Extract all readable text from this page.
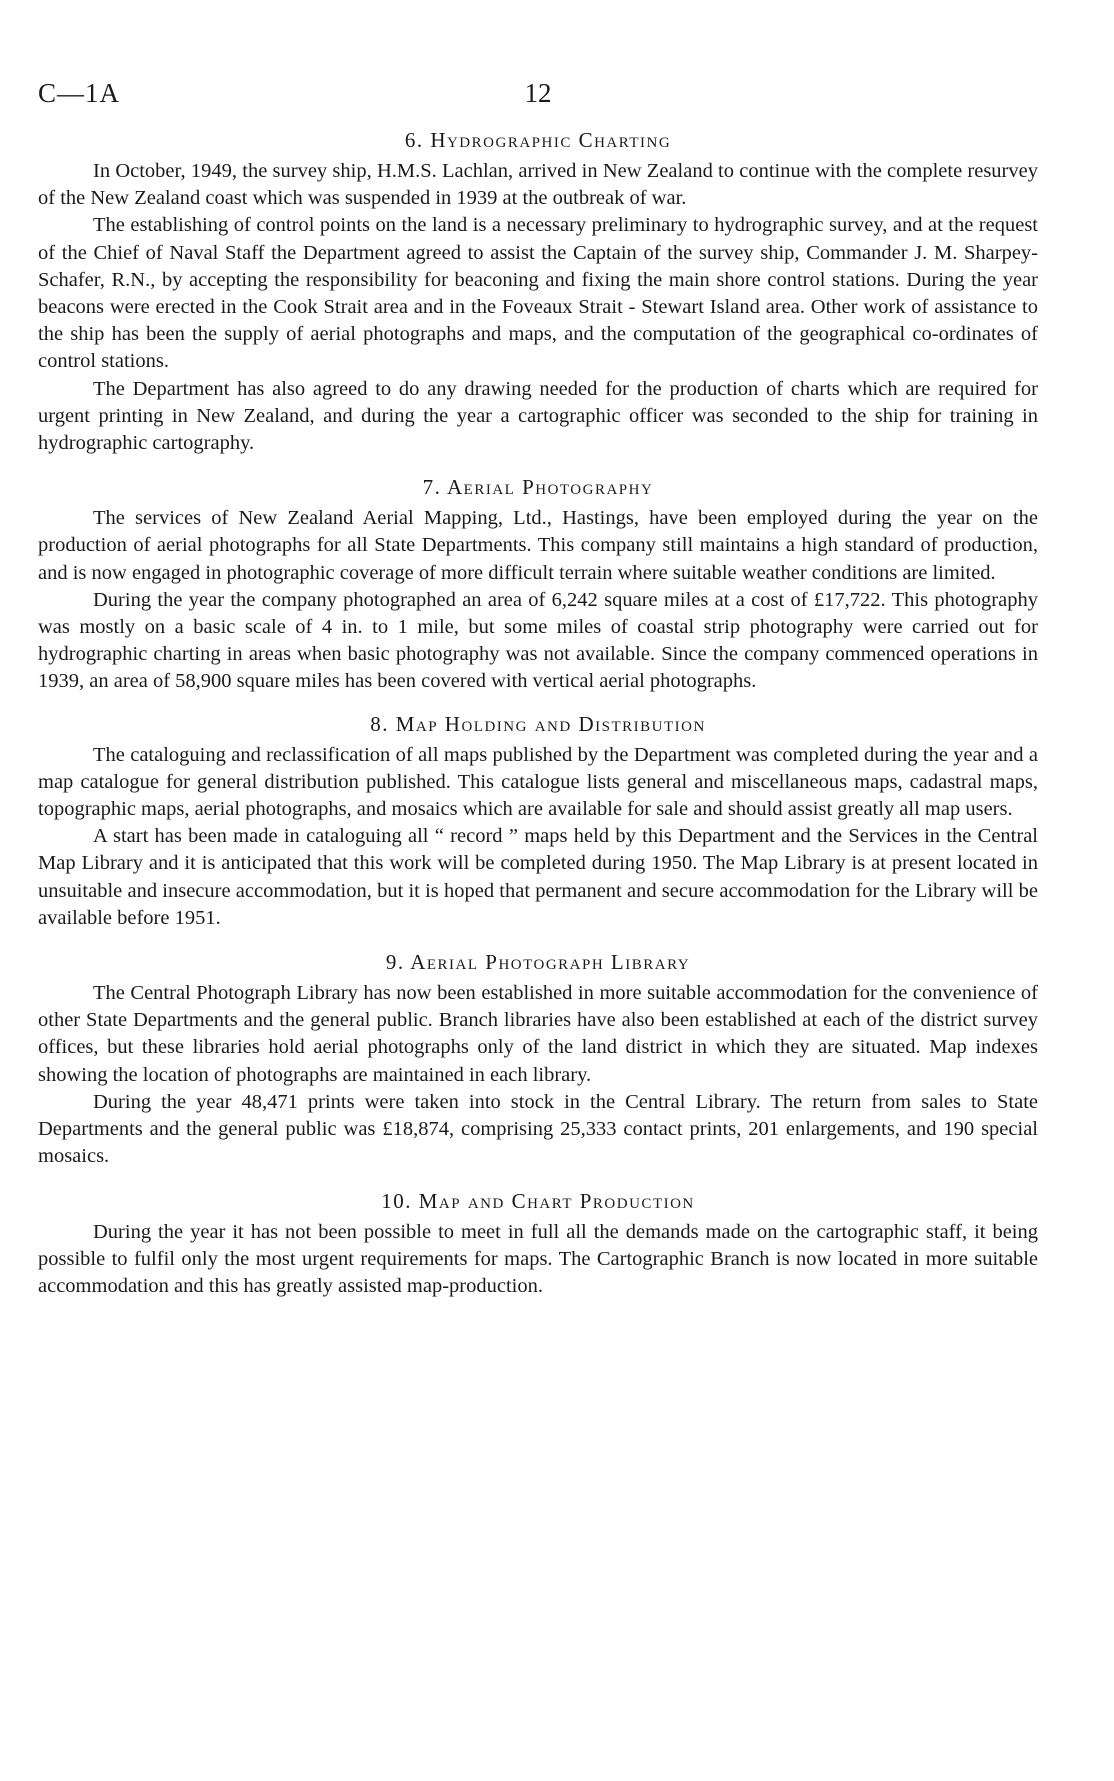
C—1A	12
6. Hydrographic Charting

In October, 1949, the survey ship, H.M.S. Lachlan, arrived in New Zealand to continue with the complete resurvey of the New Zealand coast which was suspended in 1939 at the outbreak of war.

The establishing of control points on the land is a necessary preliminary to hydrographic survey, and at the request of the Chief of Naval Staff the Department agreed to assist the Captain of the survey ship, Commander J. M. Sharpey-Schafer, R.N., by accepting the responsibility for beaconing and fixing the main shore control stations. During the year beacons were erected in the Cook Strait area and in the Foveaux Strait - Stewart Island area. Other work of assistance to the ship has been the supply of aerial photographs and maps, and the computation of the geographical co-ordinates of control stations.

The Department has also agreed to do any drawing needed for the production of charts which are required for urgent printing in New Zealand, and during the year a cartographic officer was seconded to the ship for training in hydrographic cartography.

7. Aerial Photography

The services of New Zealand Aerial Mapping, Ltd., Hastings, have been employed during the year on the production of aerial photographs for all State Departments. This company still maintains a high standard of production, and is now engaged in photographic coverage of more difficult terrain where suitable weather conditions are limited.

During the year the company photographed an area of 6,242 square miles at a cost of £17,722. This photography was mostly on a basic scale of 4 in. to 1 mile, but some miles of coastal strip photography were carried out for hydrographic charting in areas when basic photography was not available. Since the company commenced operations in 1939, an area of 58,900 square miles has been covered with vertical aerial photographs.

8. Map Holding and Distribution

The cataloguing and reclassification of all maps published by the Department was completed during the year and a map catalogue for general distribution published. This catalogue lists general and miscellaneous maps, cadastral maps, topographic maps, aerial photographs, and mosaics which are available for sale and should assist greatly all map users.

A start has been made in cataloguing all “ record ” maps held by this Department and the Services in the Central Map Library and it is anticipated that this work will be completed during 1950. The Map Library is at present located in unsuitable and insecure accommodation, but it is hoped that permanent and secure accommodation for the Library will be available before 1951.

9. Aerial Photograph Library

The Central Photograph Library has now been established in more suitable accommodation for the convenience of other State Departments and the general public. Branch libraries have also been established at each of the district survey offices, but these libraries hold aerial photographs only of the land district in which they are situated. Map indexes showing the location of photographs are maintained in each library.

During the year 48,471 prints were taken into stock in the Central Library. The return from sales to State Departments and the general public was £18,874, comprising 25,333 contact prints, 201 enlargements, and 190 special mosaics.

10. Map and Chart Production

During the year it has not been possible to meet in full all the demands made on the cartographic staff, it being possible to fulfil only the most urgent requirements for maps. The Cartographic Branch is now located in more suitable accommodation and this has greatly assisted map-production.
